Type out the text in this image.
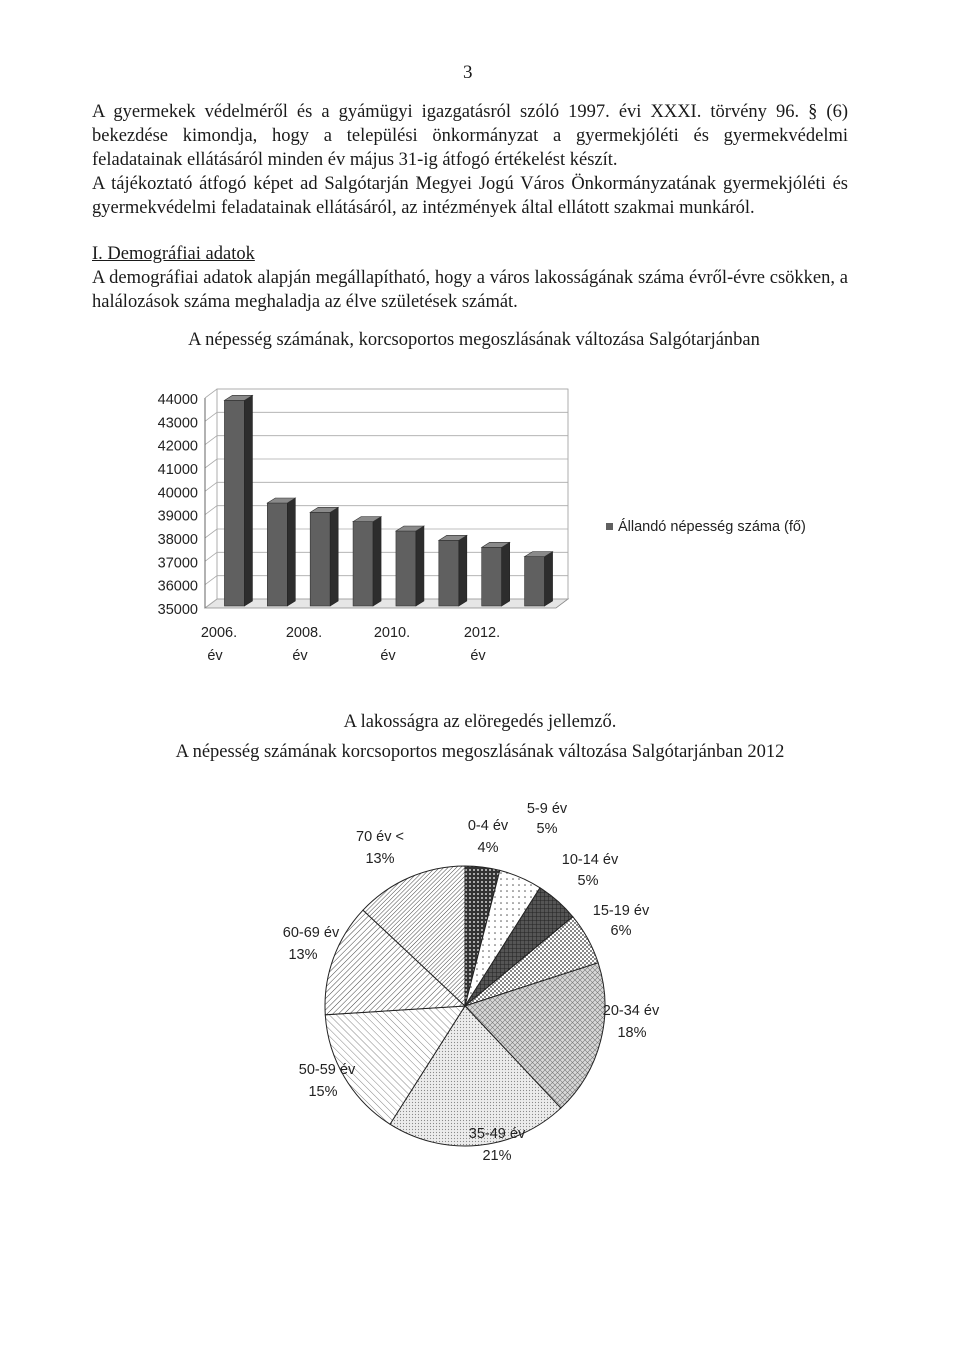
3

A gyermekek védelméről és a gyámügyi igazgatásról szóló 1997. évi XXXI. törvény 96. § (6) bekezdése kimondja, hogy a települési önkormányzat a gyermekjóléti és gyermekvédelmi feladatainak ellátásáról minden év május 31-ig átfogó értékelést készít.

A tájékoztató átfogó képet ad Salgótarján Megyei Jogú Város Önkormányzatának gyermekjóléti és gyermekvédelmi feladatainak ellátásáról, az intézmények által ellátott szakmai munkáról.

I. Demográfiai adatok

A demográfiai adatok alapján megállapítható, hogy a város lakosságának száma évről-évre csökken, a halálozások száma meghaladja az élve születések számát.

A népesség számának, korcsoportos megoszlásának változása Salgótarjánban
44000
43000
42000
41000
40000
39000
38000
37000
36000
35000
2006.
év
2008.
év
2010.
év
2012.
év
Állandó népesség száma (fő)
A lakosságra az elöregedés jellemző.
A népesség számának korcsoportos megoszlásának változása Salgótarjánban 2012
0-4 év
4%
5-9 év
5%
10-14 év
5%
15-19 év
6%
20-34 év
18%
35-49 év
21%
50-59 év
15%
60-69 év
13%
70 év <
13%
